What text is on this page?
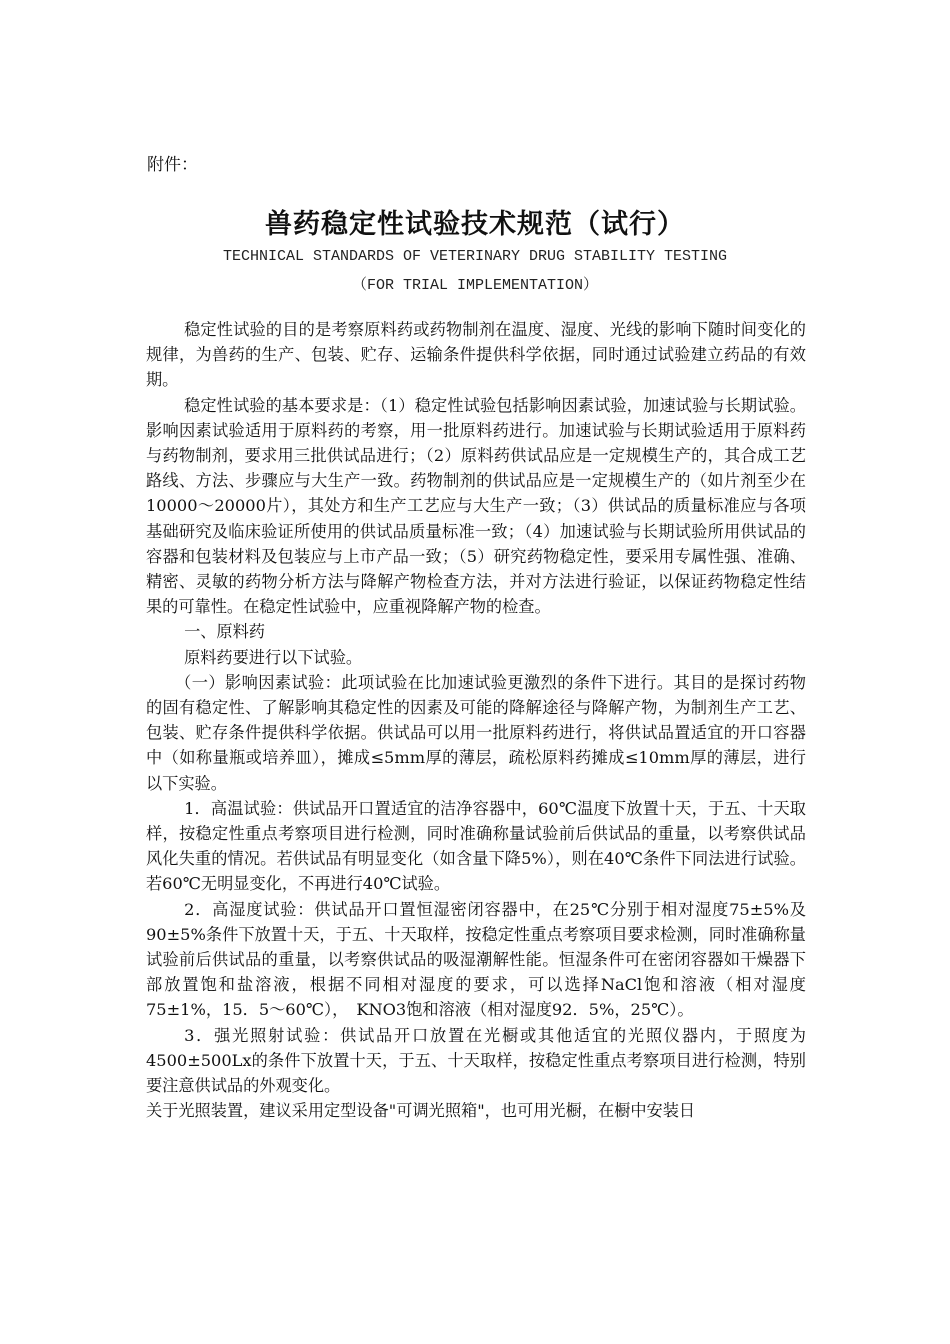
附件：
兽药稳定性试验技术规范（试行）
TECHNICAL STANDARDS OF VETERINARY DRUG STABILITY TESTING
（FOR TRIAL IMPLEMENTATION）

稳定性试验的目的是考察原料药或药物制剂在温度、湿度、光线的影响下随时间变化的规律，为兽药的生产、包装、贮存、运输条件提供科学依据，同时通过试验建立药品的有效期。

稳定性试验的基本要求是：（1）稳定性试验包括影响因素试验，加速试验与长期试验。影响因素试验适用于原料药的考察，用一批原料药进行。加速试验与长期试验适用于原料药与药物制剂，要求用三批供试品进行；（2）原料药供试品应是一定规模生产的，其合成工艺路线、方法、步骤应与大生产一致。药物制剂的供试品应是一定规模生产的（如片剂至少在10000～20000片），其处方和生产工艺应与大生产一致；（3）供试品的质量标准应与各项基础研究及临床验证所使用的供试品质量标准一致；（4）加速试验与长期试验所用供试品的容器和包装材料及包装应与上市产品一致；（5）研究药物稳定性，要采用专属性强、准确、精密、灵敏的药物分析方法与降解产物检查方法，并对方法进行验证，以保证药物稳定性结果的可靠性。在稳定性试验中，应重视降解产物的检查。

一、原料药

原料药要进行以下试验。

（一）影响因素试验：此项试验在比加速试验更激烈的条件下进行。其目的是探讨药物的固有稳定性、了解影响其稳定性的因素及可能的降解途径与降解产物，为制剂生产工艺、包装、贮存条件提供科学依据。供试品可以用一批原料药进行，将供试品置适宜的开口容器中（如称量瓶或培养皿），摊成≤5mm厚的薄层，疏松原料药摊成≤10mm厚的薄层，进行以下实验。

1．高温试验：供试品开口置适宜的洁净容器中，60℃温度下放置十天，于五、十天取样，按稳定性重点考察项目进行检测，同时准确称量试验前后供试品的重量，以考察供试品风化失重的情况。若供试品有明显变化（如含量下降5%），则在40℃条件下同法进行试验。若60℃无明显变化，不再进行40℃试验。

2．高湿度试验：供试品开口置恒湿密闭容器中，在25℃分别于相对湿度75±5%及90±5%条件下放置十天，于五、十天取样，按稳定性重点考察项目要求检测，同时准确称量试验前后供试品的重量，以考察供试品的吸湿潮解性能。恒湿条件可在密闭容器如干燥器下部放置饱和盐溶液，根据不同相对湿度的要求，可以选择NaCl饱和溶液（相对湿度75±1%，15．5～60℃），　KNO3饱和溶液（相对湿度92．5%，25℃）。

3．强光照射试验：供试品开口放置在光橱或其他适宜的光照仪器内，于照度为4500±500Lx的条件下放置十天，于五、十天取样，按稳定性重点考察项目进行检测，特别要注意供试品的外观变化。

关于光照装置，建议采用定型设备"可调光照箱"，也可用光橱，在橱中安装日
